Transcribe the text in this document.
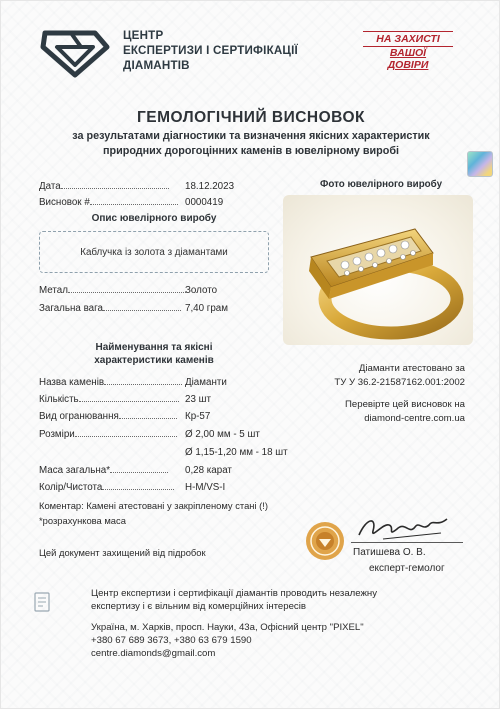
ЦЕНТР
ЕКСПЕРТИЗИ І СЕРТИФІКАЦІЇ
ДІАМАНТІВ
НА ЗАХИСТІ
ВАШОЇ
ДОВІРИ
ГЕМОЛОГІЧНИЙ ВИСНОВОК
за результатами діагностики та визначення якісних характеристик
природних дорогоцінних каменів в ювелірному виробі
Дата	18.12.2023
Висновок #	0000419
Опис ювелірного виробу
Каблучка із золота з діамантами
Метал	Золото
Загальна вага	7,40 грам
Фото ювелірного виробу
Найменування та якісні
характеристики каменів
Назва каменів	Діаманти
Кількість	23 шт
Вид огранювання	Кр-57
Розміри	Ø 2,00 мм - 5 шт
Ø 1,15-1,20 мм - 18 шт
Маса загальна*	0,28 карат
Колір/Чистота	H-M/VS-I
Коментар: Камені атестовані у закріпленому стані (!)
*розрахункова маса
Діаманти атестовано за
ТУ У 36.2-21587162.001:2002
Перевірте цей висновок на
diamond-centre.com.ua
Цей документ захищений від підробок	Патишева О. В.
експерт-гемолог
Центр експертизи і сертифікації діамантів проводить незалежну
експертизу і є вільним від комерційних інтересів
Україна, м. Харків, просп. Науки, 43а, Офісний центр "PIXEL"
+380 67 689 3673, +380 63 679 1590
centre.diamonds@gmail.com
